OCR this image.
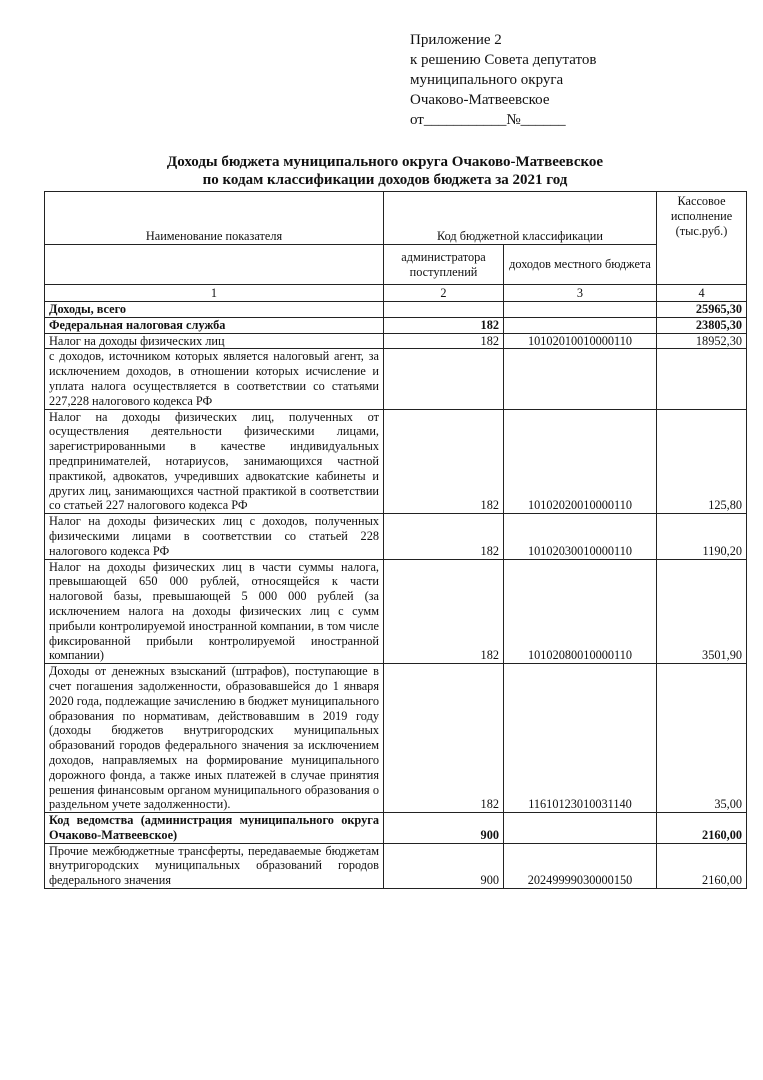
Приложение 2
к решению Совета депутатов
муниципального округа
Очаково-Матвеевское
от___________№______
Доходы бюджета муниципального округа Очаково-Матвеевское
по кодам классификации доходов бюджета за 2021 год
Наименование показателя	Код бюджетной классификации		Кассовое исполнение (тыс.руб.)
	администратора поступлений	доходов местного бюджета	
1	2	3	4
Доходы, всего			25965,30
Федеральная налоговая служба	182		23805,30
Налог на доходы физических лиц	182	10102010010000110	18952,30
с доходов, источником которых является налоговый агент, за исключением доходов, в отношении которых исчисление и уплата налога осуществляется в соответствии со статьями 227,228 налогового кодекса РФ			
Налог на доходы физических лиц, полученных от осуществления деятельности физическими лицами, зарегистрированными в качестве индивидуальных предпринимателей, нотариусов, занимающихся частной практикой, адвокатов, учредивших адвокатские кабинеты и других лиц, занимающихся частной практикой в соответствии со статьей 227 налогового кодекса РФ	182	10102020010000110	125,80
Налог на доходы физических лиц с доходов, полученных физическими лицами в соответствии со статьей 228 налогового кодекса РФ	182	10102030010000110	1190,20
Налог на доходы физических лиц в части суммы налога, превышающей 650 000 рублей, относящейся к части налоговой базы, превышающей 5 000 000 рублей (за исключением налога на доходы физических лиц с сумм прибыли контролируемой иностранной компании, в том числе фиксированной прибыли контролируемой иностранной компании)	182	10102080010000110	3501,90
Доходы от денежных взысканий (штрафов), поступающие в счет погашения задолженности, образовавшейся до 1 января 2020 года, подлежащие зачислению в бюджет муниципального образования по нормативам, действовавшим в 2019 году (доходы бюджетов внутригородских муниципальных образований городов федерального значения за исключением доходов, направляемых на формирование муниципального дорожного фонда, а также иных платежей в случае принятия решения финансовым органом муниципального образования о раздельном учете задолженности).	182	11610123010031140	35,00
Код ведомства (администрация муниципального округа Очаково-Матвеевское)	900		2160,00
Прочие межбюджетные трансферты, передаваемые бюджетам внутригородских муниципальных образований городов федерального значения	900	20249999030000150	2160,00
